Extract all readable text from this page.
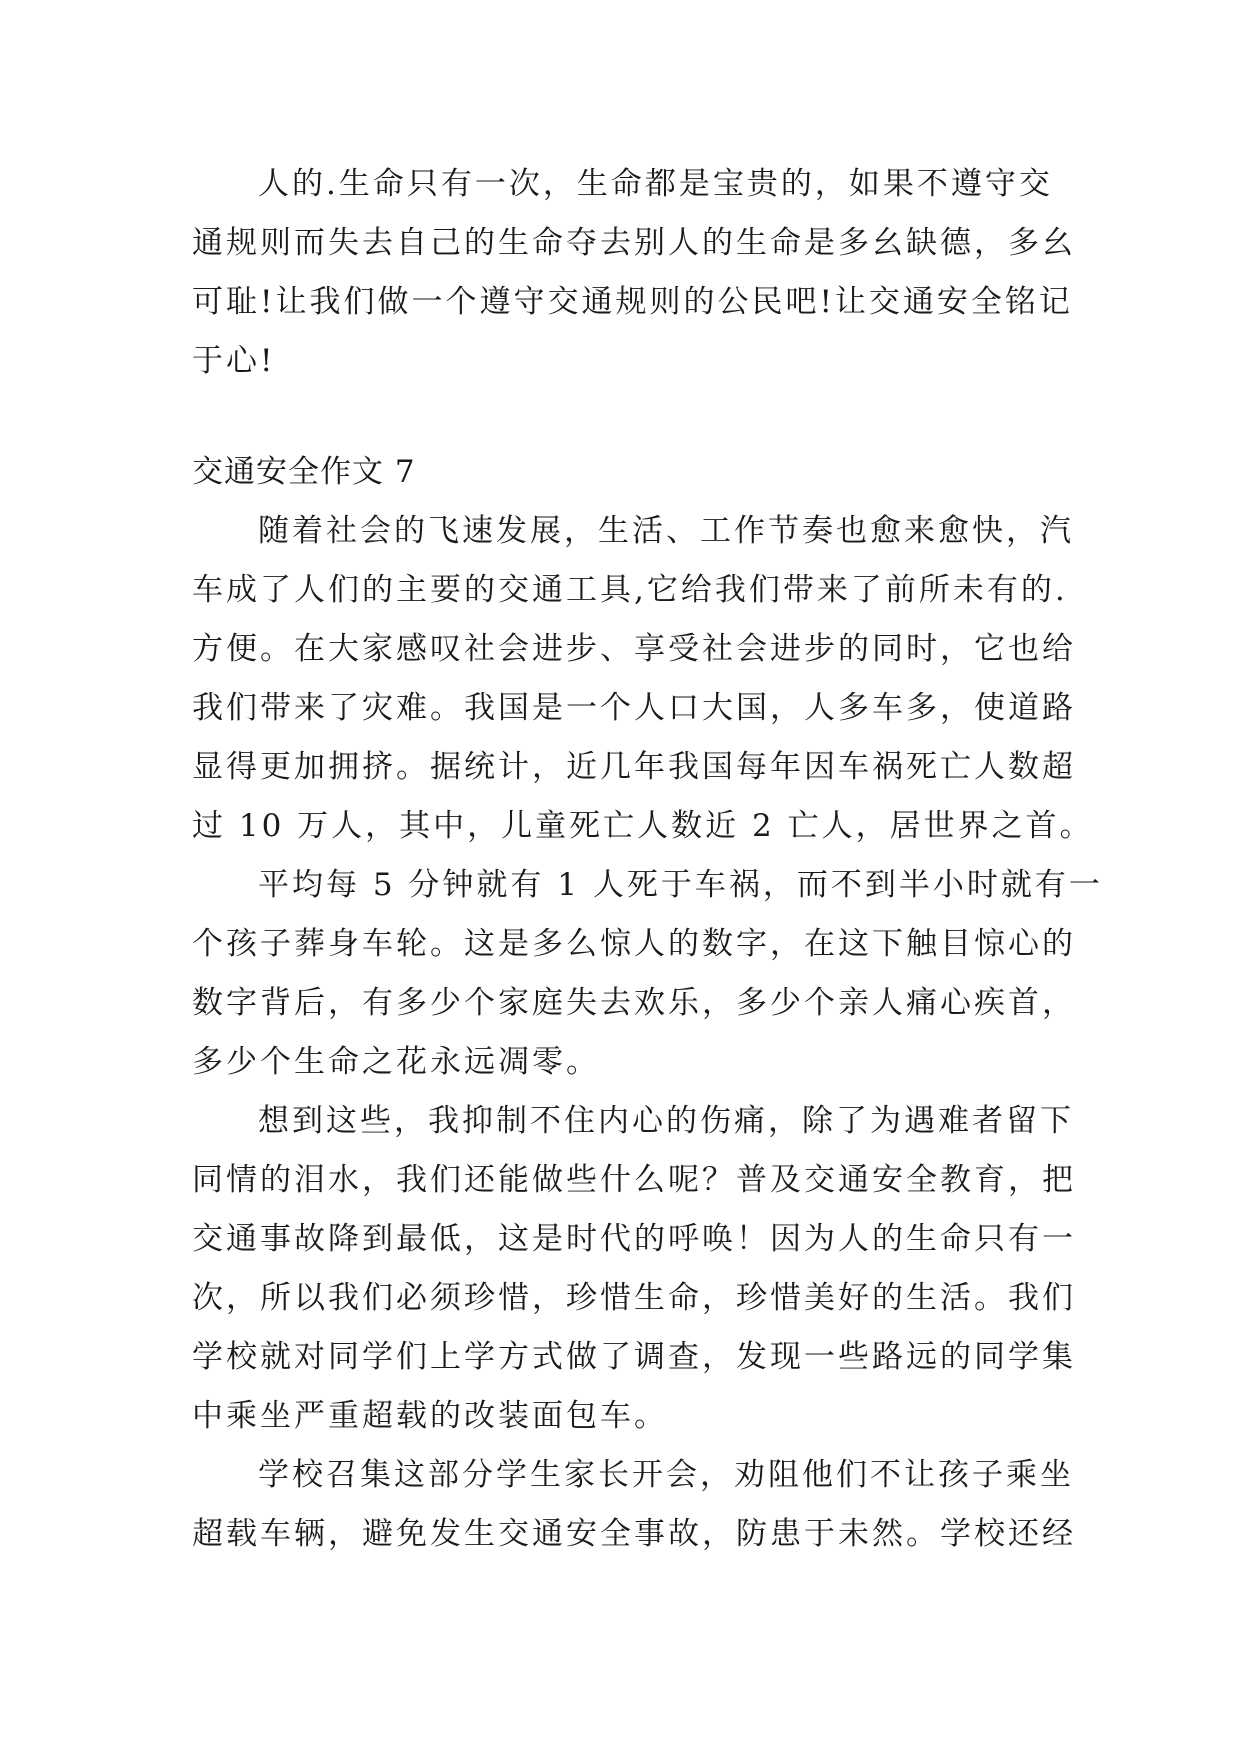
人的.生命只有一次，生命都是宝贵的，如果不遵守交
通规则而失去自己的生命夺去别人的生命是多幺缺德，多幺
可耻!让我们做一个遵守交通规则的公民吧!让交通安全铭记
于心!
交通安全作文 7
随着社会的飞速发展，生活、工作节奏也愈来愈快，汽
车成了人们的主要的交通工具,它给我们带来了前所未有的.
方便。在大家感叹社会进步、享受社会进步的同时，它也给
我们带来了灾难。我国是一个人口大国，人多车多，使道路
显得更加拥挤。据统计，近几年我国每年因车祸死亡人数超
过 10 万人，其中，儿童死亡人数近 2 亡人，居世界之首。
平均每 5 分钟就有 1 人死于车祸，而不到半小时就有一
个孩子葬身车轮。这是多么惊人的数字，在这下触目惊心的
数字背后，有多少个家庭失去欢乐，多少个亲人痛心疾首，
多少个生命之花永远凋零。
想到这些，我抑制不住内心的伤痛，除了为遇难者留下
同情的泪水，我们还能做些什么呢？普及交通安全教育，把
交通事故降到最低，这是时代的呼唤！因为人的生命只有一
次，所以我们必须珍惜，珍惜生命，珍惜美好的生活。我们
学校就对同学们上学方式做了调查，发现一些路远的同学集
中乘坐严重超载的改装面包车。
学校召集这部分学生家长开会，劝阻他们不让孩子乘坐
超载车辆，避免发生交通安全事故，防患于未然。学校还经
